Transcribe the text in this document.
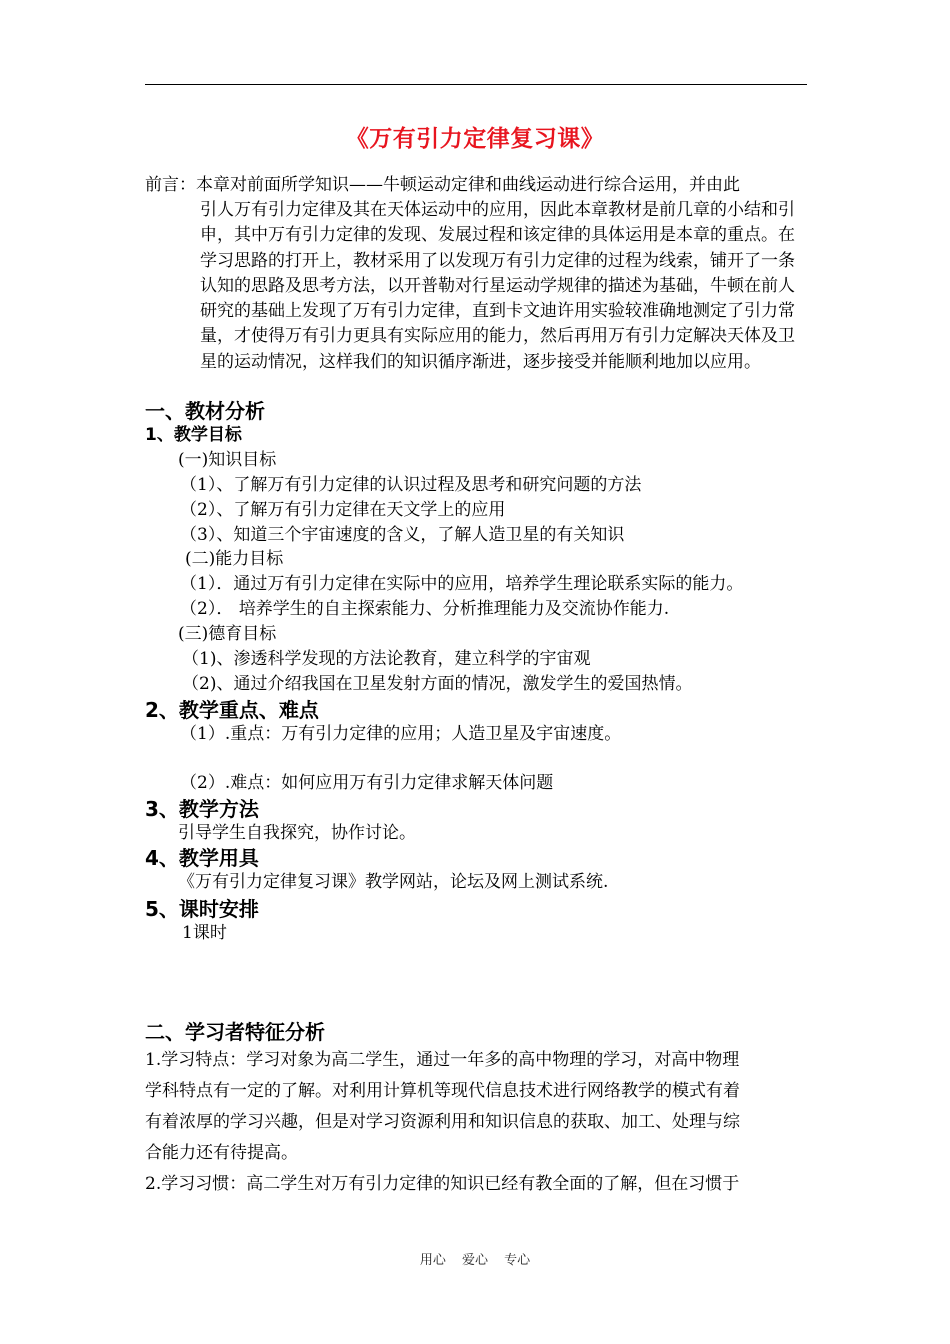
《万有引力定律复习课》
前言：本章对前面所学知识——牛顿运动定律和曲线运动进行综合运用，并由此
引人万有引力定律及其在天体运动中的应用，因此本章教材是前几章的小结和引申，其中万有引力定律的发现、发展过程和该定律的具体运用是本章的重点。在学习思路的打开上，教材采用了以发现万有引力定律的过程为线索，铺开了一条认知的思路及思考方法，以开普勒对行星运动学规律的描述为基础，牛顿在前人研究的基础上发现了万有引力定律，直到卡文迪许用实验较准确地测定了引力常量，才使得万有引力更具有实际应用的能力，然后再用万有引力定解决天体及卫星的运动情况，这样我们的知识循序渐进，逐步接受并能顺利地加以应用。
一、教材分析
1、教学目标
(一)知识目标
（1）、了解万有引力定律的认识过程及思考和研究问题的方法
（2）、了解万有引力定律在天文学上的应用
（3）、知道三个宇宙速度的含义，了解人造卫星的有关知识
(二)能力目标
（1）．通过万有引力定律在实际中的应用，培养学生理论联系实际的能力。
（2）． 培养学生的自主探索能力、分析推理能力及交流协作能力.
(三)德育目标
（1)、渗透科学发现的方法论教育，建立科学的宇宙观
（2)、通过介绍我国在卫星发射方面的情况，激发学生的爱国热情。
2、教学重点、难点
（1）.重点：万有引力定律的应用；人造卫星及宇宙速度。
（2）.难点：如何应用万有引力定律求解天体问题
3、教学方法
引导学生自我探究，协作讨论。
4、教学用具
《万有引力定律复习课》教学网站，论坛及网上测试系统.
5、课时安排
1课时
二、学习者特征分析
1.学习特点：学习对象为高二学生，通过一年多的高中物理的学习，对高中物理
学科特点有一定的了解。对利用计算机等现代信息技术进行网络教学的模式有着
有着浓厚的学习兴趣，但是对学习资源利用和知识信息的获取、加工、处理与综
合能力还有待提高。
2.学习习惯：高二学生对万有引力定律的知识已经有教全面的了解，但在习惯于
用心 爱心 专心
